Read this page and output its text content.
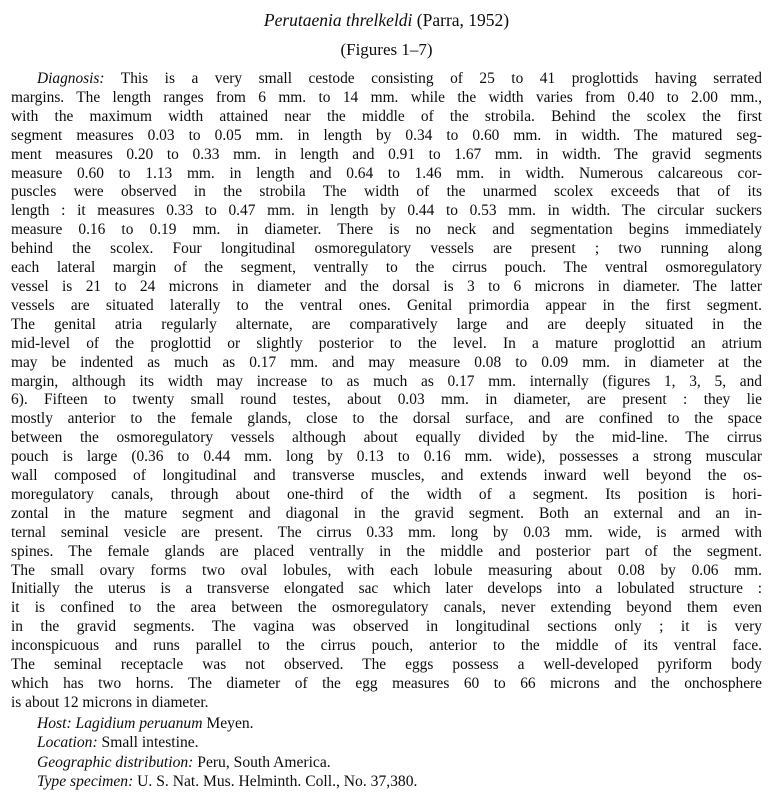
Perutaenia threlkeldi (Parra, 1952)
(Figures 1–7)
Diagnosis: This is a very small cestode consisting of 25 to 41 proglottids having serrated
margins. The length ranges from 6 mm. to 14 mm. while the width varies from 0.40 to 2.00 mm.,
with the maximum width attained near the middle of the strobila. Behind the scolex the first
segment measures 0.03 to 0.05 mm. in length by 0.34 to 0.60 mm. in width. The matured seg-
ment measures 0.20 to 0.33 mm. in length and 0.91 to 1.67 mm. in width. The gravid segments
measure 0.60 to 1.13 mm. in length and 0.64 to 1.46 mm. in width. Numerous calcareous cor-
puscles were observed in the strobila The width of the unarmed scolex exceeds that of its
length : it measures 0.33 to 0.47 mm. in length by 0.44 to 0.53 mm. in width. The circular suckers
measure 0.16 to 0.19 mm. in diameter. There is no neck and segmentation begins immediately
behind the scolex. Four longitudinal osmoregulatory vessels are present ; two running along
each lateral margin of the segment, ventrally to the cirrus pouch. The ventral osmoregulatory
vessel is 21 to 24 microns in diameter and the dorsal is 3 to 6 microns in diameter. The latter
vessels are situated laterally to the ventral ones. Genital primordia appear in the first segment.
The genital atria regularly alternate, are comparatively large and are deeply situated in the
mid-level of the proglottid or slightly posterior to the level. In a mature proglottid an atrium
may be indented as much as 0.17 mm. and may measure 0.08 to 0.09 mm. in diameter at the
margin, although its width may increase to as much as 0.17 mm. internally (figures 1, 3, 5, and
6). Fifteen to twenty small round testes, about 0.03 mm. in diameter, are present : they lie
mostly anterior to the female glands, close to the dorsal surface, and are confined to the space
between the osmoregulatory vessels although about equally divided by the mid-line. The cirrus
pouch is large (0.36 to 0.44 mm. long by 0.13 to 0.16 mm. wide), possesses a strong muscular
wall composed of longitudinal and transverse muscles, and extends inward well beyond the os-
moregulatory canals, through about one-third of the width of a segment. Its position is hori-
zontal in the mature segment and diagonal in the gravid segment. Both an external and an in-
ternal seminal vesicle are present. The cirrus 0.33 mm. long by 0.03 mm. wide, is armed with
spines. The female glands are placed ventrally in the middle and posterior part of the segment.
The small ovary forms two oval lobules, with each lobule measuring about 0.08 by 0.06 mm.
Initially the uterus is a transverse elongated sac which later develops into a lobulated structure :
it is confined to the area between the osmoregulatory canals, never extending beyond them even
in the gravid segments. The vagina was observed in longitudinal sections only ; it is very
inconspicuous and runs parallel to the cirrus pouch, anterior to the middle of its ventral face.
The seminal receptacle was not observed. The eggs possess a well-developed pyriform body
which has two horns. The diameter of the egg measures 60 to 66 microns and the onchosphere
is about 12 microns in diameter.
Host: Lagidium peruanum Meyen.
Location: Small intestine.
Geographic distribution: Peru, South America.
Type specimen: U. S. Nat. Mus. Helminth. Coll., No. 37,380.
